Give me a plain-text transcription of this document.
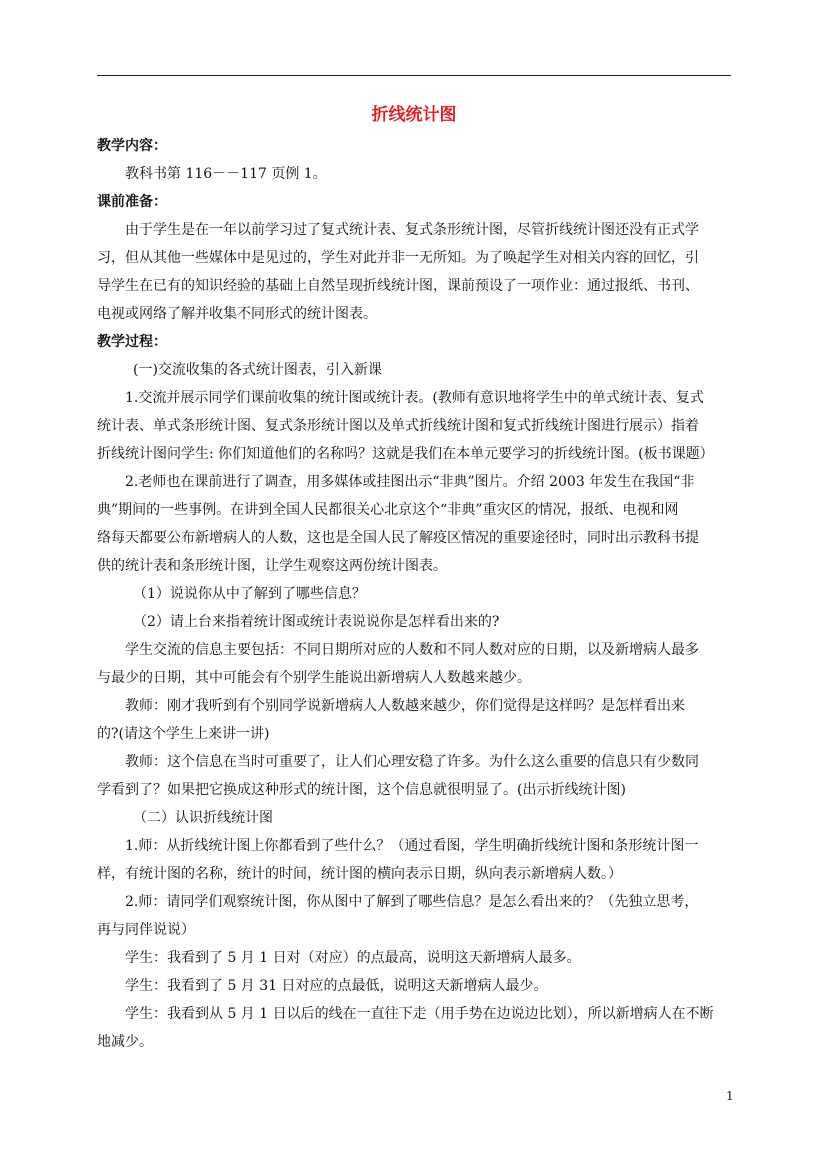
折线统计图
教学内容：
教科书第 116－－117 页例 1。
课前准备：
由于学生是在一年以前学习过了复式统计表、复式条形统计图，尽管折线统计图还没有正式学
习，但从其他一些媒体中是见过的，学生对此并非一无所知。为了唤起学生对相关内容的回忆，引
导学生在已有的知识经验的基础上自然呈现折线统计图，课前预设了一项作业：通过报纸、书刊、
电视或网络了解并收集不同形式的统计图表。
教学过程：
(一)交流收集的各式统计图表，引入新课
1.交流并展示同学们课前收集的统计图或统计表。(教师有意识地将学生中的单式统计表、复式
统计表、单式条形统计图、复式条形统计图以及单式折线统计图和复式折线统计图进行展示）指着
折线统计图问学生: 你们知道他们的名称吗？这就是我们在本单元要学习的折线统计图。(板书课题）
2.老师也在课前进行了调查，用多媒体或挂图出示“非典”图片。介绍 2003 年发生在我国“非
典”期间的一些事例。在讲到全国人民都很关心北京这个“非典”重灾区的情况，报纸、电视和网
络每天都要公布新增病人的人数，这也是全国人民了解疫区情况的重要途径时，同时出示教科书提
供的统计表和条形统计图，让学生观察这两份统计图表。
（1）说说你从中了解到了哪些信息？
（2）请上台来指着统计图或统计表说说你是怎样看出来的?
学生交流的信息主要包括：不同日期所对应的人数和不同人数对应的日期，以及新增病人最多
与最少的日期，其中可能会有个别学生能说出新增病人人数越来越少。
教师：刚才我听到有个别同学说新增病人人数越来越少，你们觉得是这样吗？是怎样看出来
的?(请这个学生上来讲一讲)
教师：这个信息在当时可重要了，让人们心理安稳了许多。为什么这么重要的信息只有少数同
学看到了？如果把它换成这种形式的统计图，这个信息就很明显了。(出示折线统计图)
（二）认识折线统计图
1.师：从折线统计图上你都看到了些什么？（通过看图，学生明确折线统计图和条形统计图一
样，有统计图的名称，统计的时间，统计图的横向表示日期，纵向表示新增病人数。）
2.师：请同学们观察统计图，你从图中了解到了哪些信息？是怎么看出来的？（先独立思考，
再与同伴说说）
学生：我看到了 5 月 1 日对（对应）的点最高，说明这天新增病人最多。
学生：我看到了 5 月 31 日对应的点最低，说明这天新增病人最少。
学生：我看到从 5 月 1 日以后的线在一直往下走（用手势在边说边比划），所以新增病人在不断
地减少。
1
